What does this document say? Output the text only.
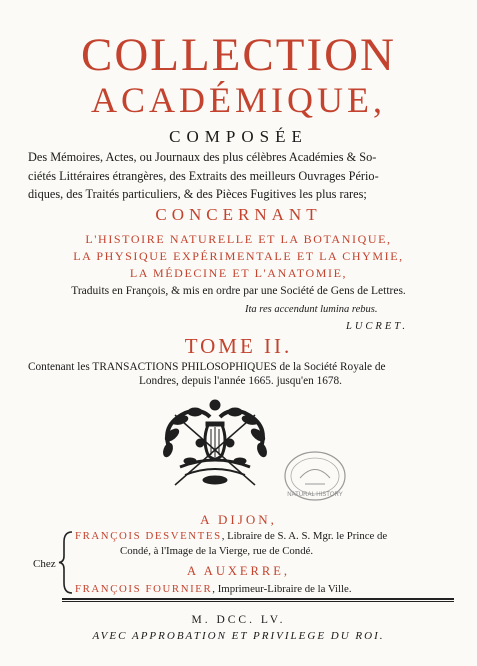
COLLECTION
ACADÉMIQUE,
COMPOSÉE
Des Mémoires, Actes, ou Journaux des plus célèbres Académies & So-
ciétés Littéraires étrangères, des Extraits des meilleurs Ouvrages Pério-
diques, des Traités particuliers, & des Pièces Fugitives les plus rares;
CONCERNANT
L'HISTOIRE NATURELLE ET LA BOTANIQUE,
LA PHYSIQUE EXPÉRIMENTALE ET LA CHYMIE,
LA MÉDECINE ET L'ANATOMIE,
Traduits en François, & mis en ordre par une Société de Gens de Lettres.
Ita res accendunt lumina rebus.
LUCRET.
TOME II.
Contenant les TRANSACTIONS PHILOSOPHIQUES de la Société Royale de
Londres, depuis l'année 1665. jusqu'en 1678.
NATURAL HISTORY
A DIJON,
Chez
FRANÇOIS DESVENTES, Libraire de S. A. S. Mgr. le Prince de
Condé, à l'Image de la Vierge, rue de Condé.
A AUXERRE,
FRANÇOIS FOURNIER, Imprimeur-Libraire de la Ville.
M. DCC. LV.
AVEC APPROBATION ET PRIVILEGE DU ROI.
